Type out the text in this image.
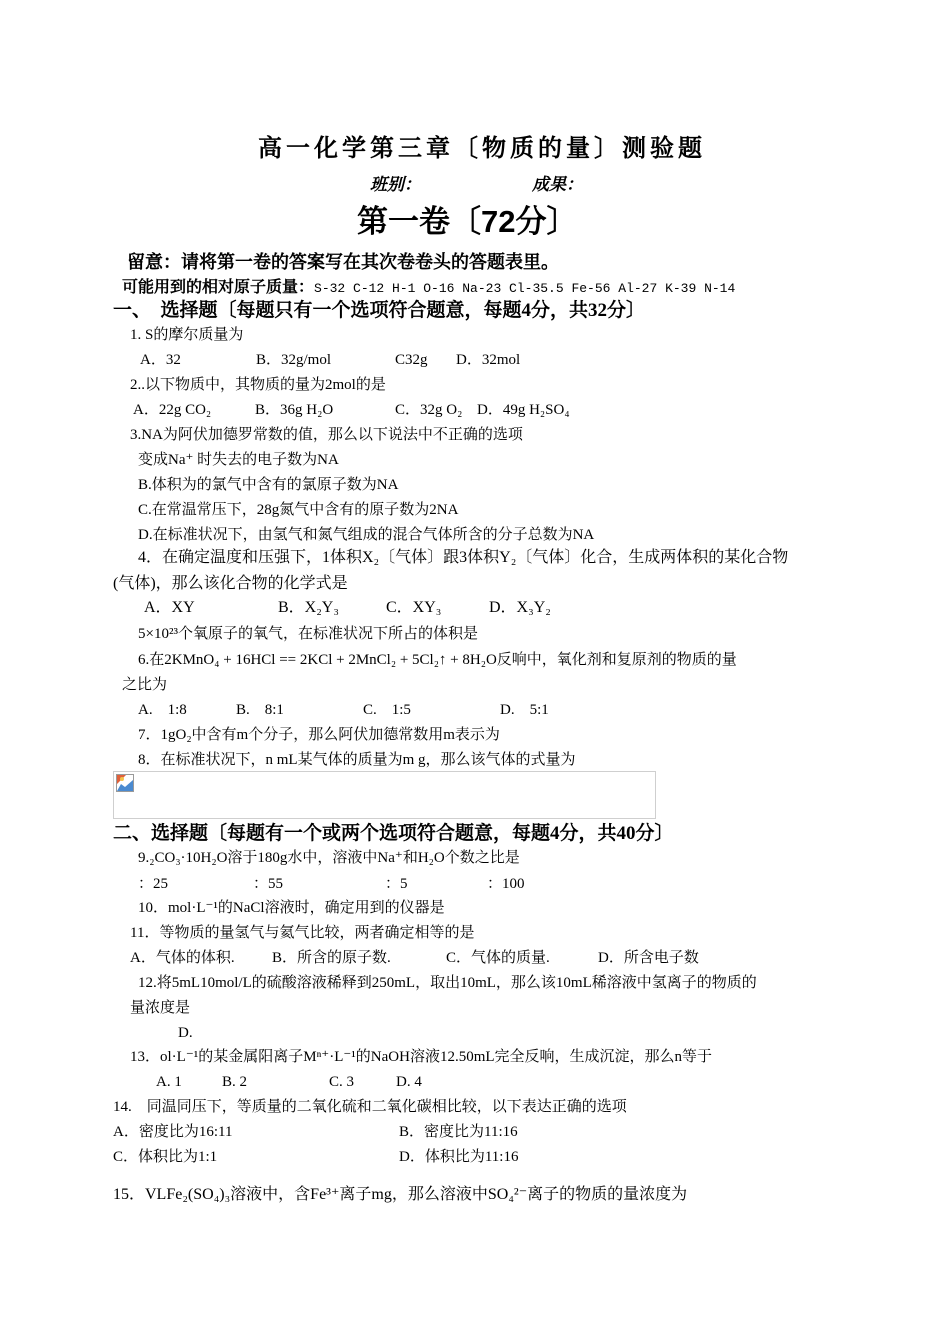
高一化学第三章〔物质的量〕测验题
班别：	成果：
第一卷〔72分〕
留意：请将第一卷的答案写在其次卷卷头的答题表里。
可能用到的相对原子质量：S-32 C-12 H-1 O-16 Na-23 Cl-35.5 Fe-56 Al-27 K-39 N-14
一、　选择题〔每题只有一个选项符合题意，每题4分，共32分〕
1. S的摩尔质量为
A．32	B．32g/mol	C32g D．32mol
2..以下物质中，其物质的量为2mol的是
A．22g CO₂	B．36g H₂O	C．32g O₂ D．49g H₂SO₄
3.NA为阿伏加德罗常数的值，那么以下说法中不正确的选项
变成Na⁺ 时失去的电子数为NA
B.体积为的氯气中含有的氯原子数为NA
C.在常温常压下，28g氮气中含有的原子数为2NA
D.在标准状况下，由氢气和氮气组成的混合气体所含的分子总数为NA
4．在确定温度和压强下，1体积X₂〔气体〕跟3体积Y₂〔气体〕化合，生成两体积的某化合物
(气体)，那么该化合物的化学式是
A．XY	B．X₂Y₃	C．XY₃	D．X₃Y₂
5×10²³个氧原子的氧气，在标准状况下所占的体积是
6.在2KMnO₄ + 16HCl == 2KCl + 2MnCl₂ + 5Cl₂↑ + 8H₂O反响中，氧化剂和复原剂的物质的量
之比为
A.　1:8	B.　8:1	C.　1:5	D.　5:1
7．1gO₂中含有m个分子，那么阿伏加德常数用m表示为
8．在标准状况下，n mL某气体的质量为m g，那么该气体的式量为
二、选择题〔每题有一个或两个选项符合题意，每题4分，共40分〕
9.₂CO₃·10H₂O溶于180g水中，溶液中Na⁺和H₂O个数之比是
：25	：55	：5	：100
10．mol·L⁻¹的NaCl溶液时，确定用到的仪器是
11．等物质的量氢气与氦气比较，两者确定相等的是
A．气体的体积. B．所含的原子数.	C．气体的质量.	D．所含电子数
12.将5mL10mol/L的硫酸溶液稀释到250mL，取出10mL，那么该10mL稀溶液中氢离子的物质的
量浓度是
D.
13．ol·L⁻¹的某金属阳离子Mⁿ⁺·L⁻¹的NaOH溶液12.50mL完全反响，生成沉淀，那么n等于
A. 1	B. 2	C. 3	D. 4
14.　同温同压下，等质量的二氧化硫和二氧化碳相比较，以下表达正确的选项
A．密度比为16:11	B．密度比为11:16
C．体积比为1:1	D．体积比为11:16
15．VLFe₂(SO₄)₃溶液中，含Fe³⁺离子mg，那么溶液中SO₄²⁻离子的物质的量浓度为
